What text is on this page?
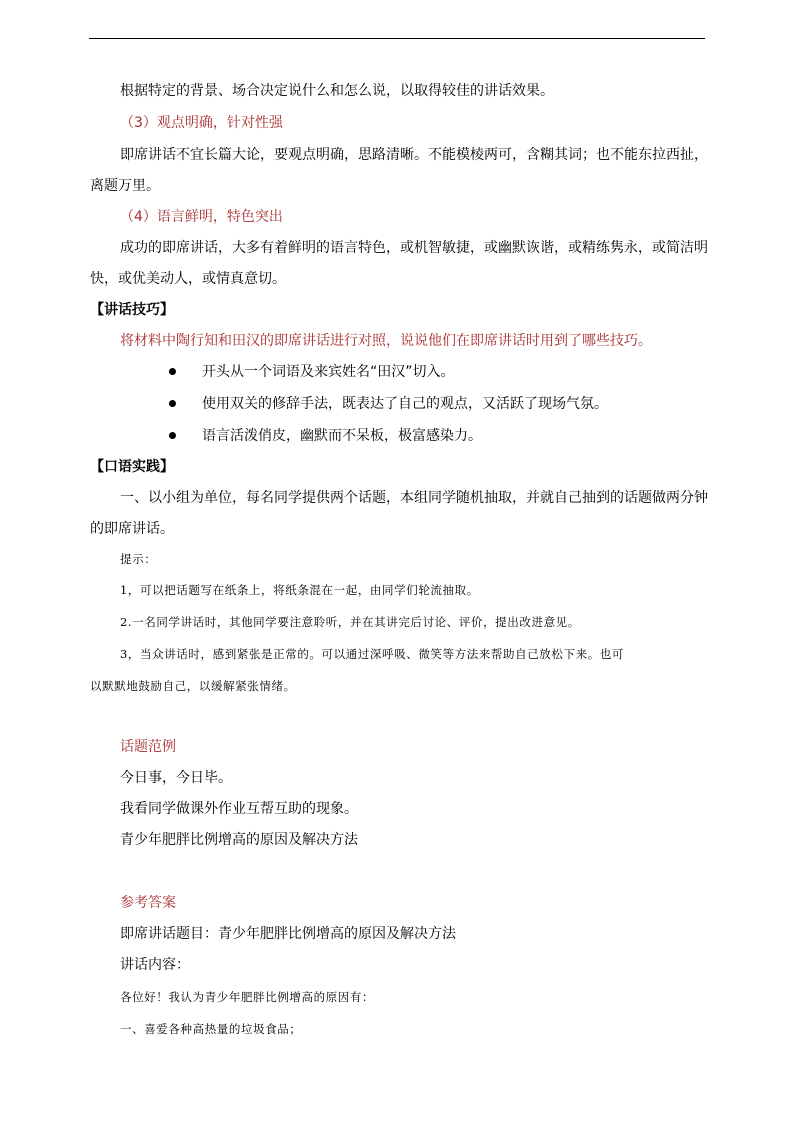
根据特定的背景、场合决定说什么和怎么说，以取得较佳的讲话效果。
（3）观点明确，针对性强
即席讲话不宜长篇大论，要观点明确，思路清晰。不能模棱两可，含糊其词；也不能东拉西扯，
离题万里。
（4）语言鲜明，特色突出
成功的即席讲话，大多有着鲜明的语言特色，或机智敏捷，或幽默诙谐，或精练隽永，或简洁明
快，或优美动人，或情真意切。
【讲话技巧】
将材料中陶行知和田汉的即席讲话进行对照，说说他们在即席讲话时用到了哪些技巧。
开头从一个词语及来宾姓名“田汉”切入。
使用双关的修辞手法，既表达了自己的观点，又活跃了现场气氛。
语言活泼俏皮，幽默而不呆板，极富感染力。
【口语实践】
一、以小组为单位，每名同学提供两个话题，本组同学随机抽取，并就自己抽到的话题做两分钟
的即席讲话。
提示：
1，可以把话题写在纸条上，将纸条混在一起，由同学们轮流抽取。
2.一名同学讲话时，其他同学要注意聆听，并在其讲完后讨论、评价，提出改进意见。
3，当众讲话时，感到紧张是正常的。可以通过深呼吸、微笑等方法来帮助自己放松下来。也可
以默默地鼓励自己，以缓解紧张情绪。
话题范例
今日事，今日毕。
我看同学做课外作业互帮互助的现象。
青少年肥胖比例增高的原因及解决方法
参考答案
即席讲话题目：青少年肥胖比例增高的原因及解决方法
讲话内容：
各位好！我认为青少年肥胖比例增高的原因有：
一、喜爱各种高热量的垃圾食品；
